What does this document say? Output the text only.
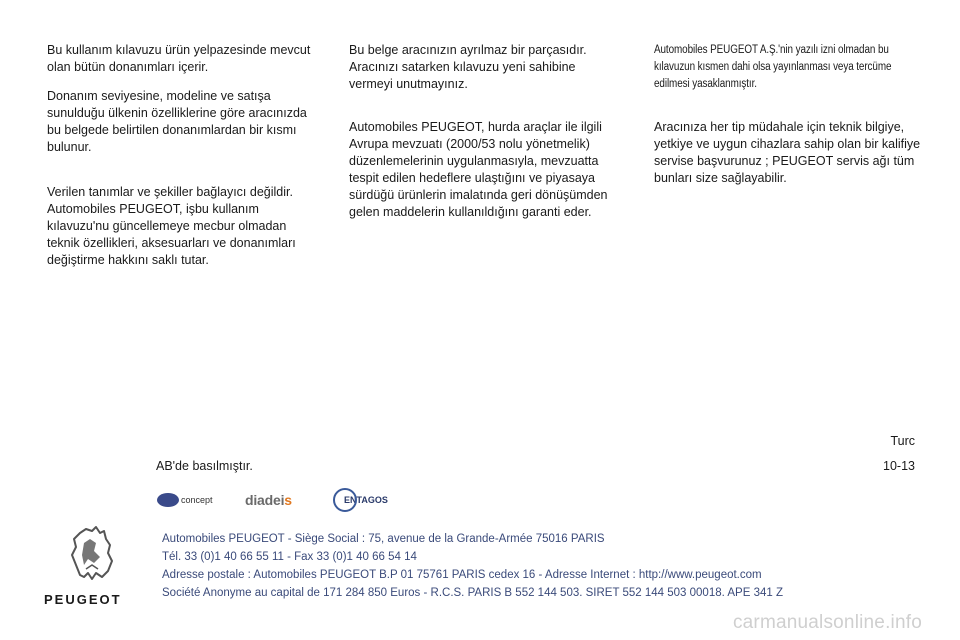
Bu kullanım kılavuzu ürün yelpazesinde mevcut olan bütün donanımları içerir.

Donanım seviyesine, modeline ve satışa sunulduğu ülkenin özelliklerine göre aracınızda bu belgede belirtilen donanımlardan bir kısmı bulunur.

Verilen tanımlar ve şekiller bağlayıcı değildir. Automobiles PEUGEOT, işbu kullanım kılavuzu'nu güncellemeye mecbur olmadan teknik özellikleri, aksesuarları ve donanımları değiştirme hakkını saklı tutar.

Bu belge aracınızın ayrılmaz bir parçasıdır. Aracınızı satarken kılavuzu yeni sahibine vermeyi unutmayınız.

Automobiles PEUGEOT, hurda araçlar ile ilgili Avrupa mevzuatı (2000/53 nolu yönetmelik) düzenlemelerinin uygulanmasıyla, mevzuatta tespit edilen hedeflere ulaştığını ve piyasaya sürdüğü ürünlerin imalatında geri dönüşümden gelen maddelerin kullanıldığını garanti eder.

Automobiles PEUGEOT A.Ş.'nin yazılı izni olmadan bu kılavuzun kısmen dahi olsa yayınlanması veya tercüme edilmesi yasaklanmıştır.

Aracınıza her tip müdahale için teknik bilgiye, yetkiye ve uygun cihazlara sahip olan bir kalifiye servise başvurunuz ; PEUGEOT servis ağı tüm bunları size sağlayabilir.

Turc
10-13
AB'de basılmıştır.
concept diadeis	ENTAGOS
PEUGEOT
Automobiles PEUGEOT - Siège Social : 75, avenue de la Grande-Armée 75016 PARIS
Tél. 33 (0)1 40 66 55 11 - Fax 33 (0)1 40 66 54 14
Adresse postale : Automobiles PEUGEOT B.P 01 75761 PARIS cedex 16 - Adresse Internet : http://www.peugeot.com
Société Anonyme au capital de 171 284 850 Euros - R.C.S. PARIS B 552 144 503. SIRET 552 144 503 00018. APE 341 Z
carmanualsonline.info
